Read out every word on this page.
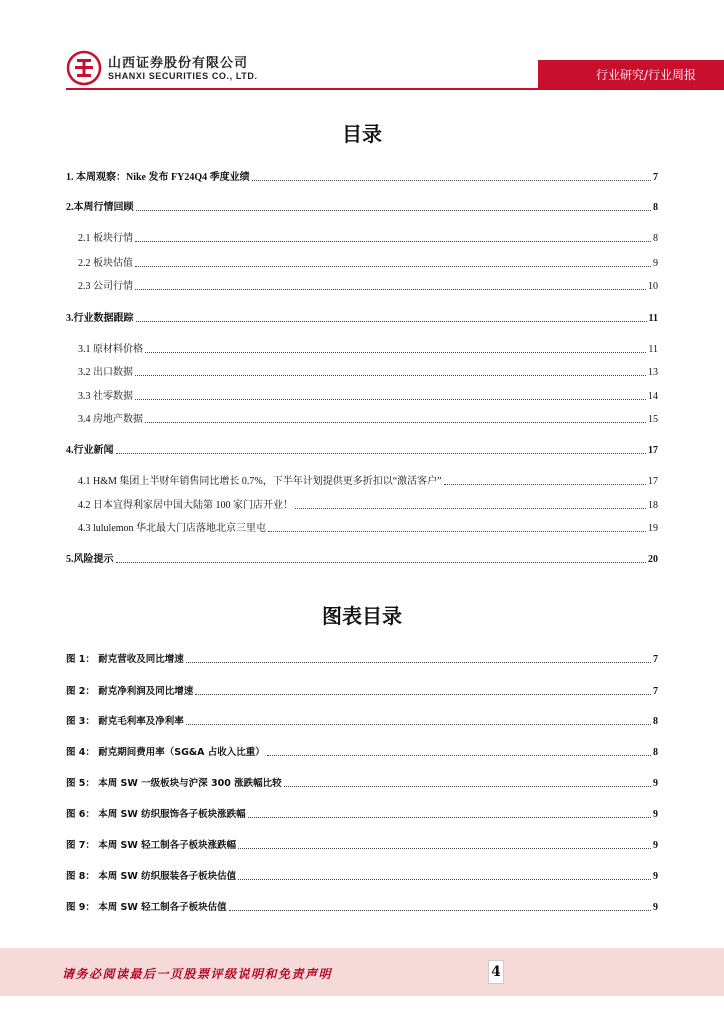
山西证券股份有限公司
SHANXI SECURITIES CO., LTD.	行业研究/行业周报
目录
1. 本周观察：Nike 发布 FY24Q4 季度业绩	7
2.本周行情回顾	8
2.1 板块行情	8
2.2 板块估值	9
2.3 公司行情	10
3.行业数据跟踪	11
3.1 原材料价格	11
3.2 出口数据	13
3.3 社零数据	14
3.4 房地产数据	15
4.行业新闻	17
4.1 H&M 集团上半财年销售同比增长 0.7%，下半年计划提供更多折扣以“激活客户”	17
4.2 日本宜得利家居中国大陆第 100 家门店开业！	18
4.3 lululemon 华北最大门店落地北京三里屯	19
5.风险提示	20
图表目录
图 1： 耐克营收及同比增速	7
图 2： 耐克净利润及同比增速	7
图 3： 耐克毛利率及净利率	8
图 4： 耐克期间费用率（SG&A 占收入比重）	8
图 5： 本周 SW 一级板块与沪深 300 涨跌幅比较	9
图 6： 本周 SW 纺织服饰各子板块涨跌幅	9
图 7： 本周 SW 轻工制各子板块涨跌幅	9
图 8： 本周 SW 纺织服装各子板块估值	9
图 9： 本周 SW 轻工制各子板块估值	9
请务必阅读最后一页股票评级说明和免责声明	4
